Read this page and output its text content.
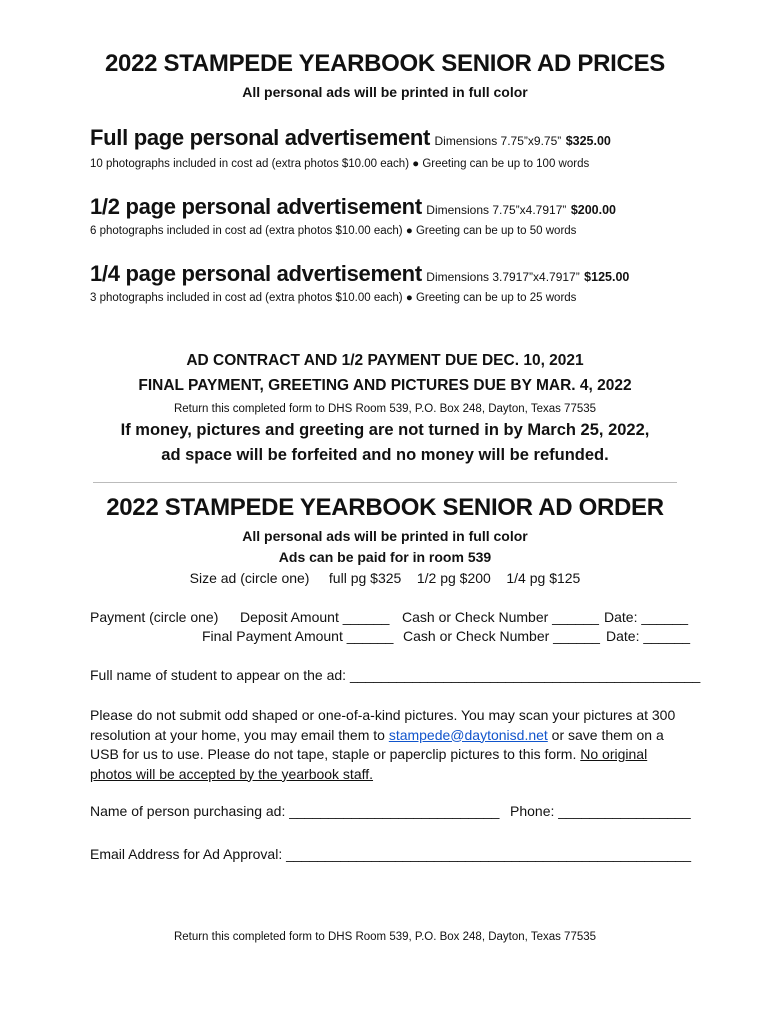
2022 STAMPEDE YEARBOOK SENIOR AD PRICES
All personal ads will be printed in full color
Full page personal advertisement Dimensions 7.75”x9.75” $325.00
10 photographs included in cost ad (extra photos $10.00 each) ● Greeting can be up to 100 words
1/2 page personal advertisement Dimensions 7.75”x4.7917” $200.00
6 photographs included in cost ad (extra photos $10.00 each) ● Greeting can be up to 50 words
1/4 page personal advertisement Dimensions 3.7917”x4.7917” $125.00
3 photographs included in cost ad (extra photos $10.00 each) ● Greeting can be up to 25 words
AD CONTRACT AND 1/2 PAYMENT DUE DEC. 10, 2021
FINAL PAYMENT, GREETING AND PICTURES DUE BY MAR. 4, 2022
Return this completed form to DHS Room 539, P.O. Box 248, Dayton, Texas 77535
If money, pictures and greeting are not turned in by March 25, 2022,
ad space will be forfeited and no money will be refunded.
2022 STAMPEDE YEARBOOK SENIOR AD ORDER
All personal ads will be printed in full color
Ads can be paid for in room 539
Size ad (circle one)     full pg $325    1/2 pg $200    1/4 pg $125
Payment (circle one) Deposit Amount ______ Cash or Check Number ______ Date: ______
Final Payment Amount ______ Cash or Check Number ______ Date: ______
Full name of student to appear on the ad: _____________________________________________
Please do not submit odd shaped or one-of-a-kind pictures. You may scan your pictures at 300 resolution at your home, you may email them to stampede@daytonisd.net or save them on a USB for us to use. Please do not tape, staple or paperclip pictures to this form. No original photos will be accepted by the yearbook staff.
Name of person purchasing ad: ___________________________ Phone: _________________
Email Address for Ad Approval: ____________________________________________________
Return this completed form to DHS Room 539, P.O. Box 248, Dayton, Texas 77535
